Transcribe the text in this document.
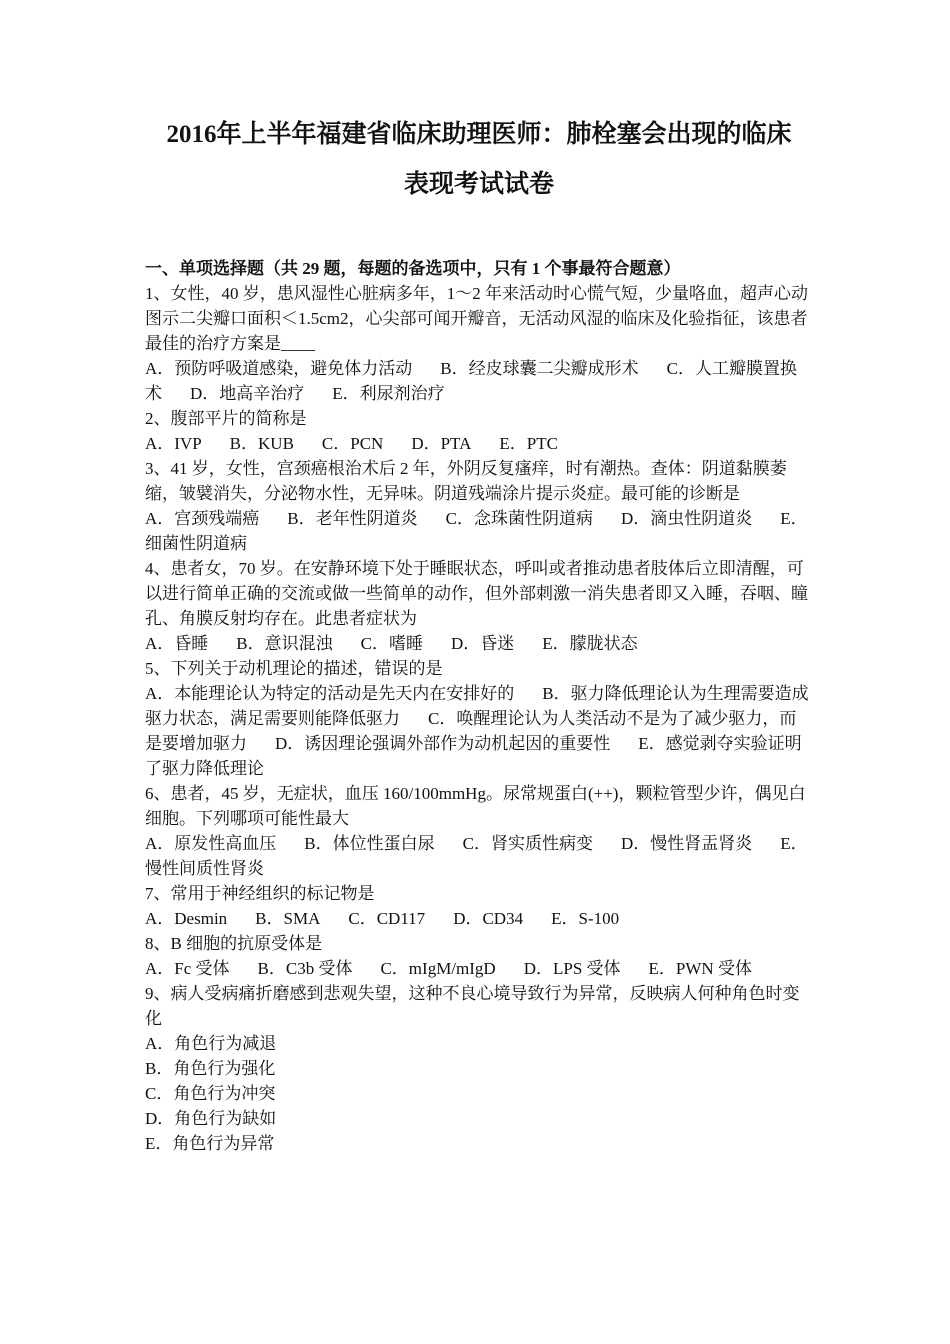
2016年上半年福建省临床助理医师：肺栓塞会出现的临床
表现考试试卷
一、单项选择题（共 29 题，每题的备选项中，只有 1 个事最符合题意）

1、女性，40 岁，患风湿性心脏病多年，1～2 年来活动时心慌气短，少量咯血，超声心动图示二尖瓣口面积＜1.5cm2，心尖部可闻开瓣音，无活动风湿的临床及化验指征，该患者最佳的治疗方案是____

A．预防呼吸道感染，避免体力活动 B．经皮球囊二尖瓣成形术 C．人工瓣膜置换术 D．地高辛治疗 E．利尿剂治疗

2、腹部平片的简称是

A．IVP B．KUB C．PCN D．PTA E．PTC

3、41 岁，女性，宫颈癌根治术后 2 年，外阴反复瘙痒，时有潮热。查体：阴道黏膜萎缩，皱襞消失，分泌物水性，无异味。阴道残端涂片提示炎症。最可能的诊断是

A．宫颈残端癌 B．老年性阴道炎 C．念珠菌性阴道病 D．滴虫性阴道炎 E．细菌性阴道病

4、患者女，70 岁。在安静环境下处于睡眠状态，呼叫或者推动患者肢体后立即清醒，可以进行简单正确的交流或做一些简单的动作，但外部刺激一消失患者即又入睡，吞咽、瞳孔、角膜反射均存在。此患者症状为

A．昏睡 B．意识混浊 C．嗜睡 D．昏迷 E．朦胧状态

5、下列关于动机理论的描述，错误的是

A．本能理论认为特定的活动是先天内在安排好的 B．驱力降低理论认为生理需要造成驱力状态，满足需要则能降低驱力 C．唤醒理论认为人类活动不是为了减少驱力，而是要增加驱力 D．诱因理论强调外部作为动机起因的重要性 E．感觉剥夺实验证明了驱力降低理论

6、患者，45 岁，无症状，血压 160/100mmHg。尿常规蛋白(++)，颗粒管型少许，偶见白细胞。下列哪项可能性最大

A．原发性高血压 B．体位性蛋白尿 C．肾实质性病变 D．慢性肾盂肾炎 E．慢性间质性肾炎

7、常用于神经组织的标记物是

A．Desmin B．SMA C．CD117 D．CD34 E．S-100

8、B 细胞的抗原受体是

A．Fc 受体 B．C3b 受体 C．mIgM/mIgD D．LPS 受体 E．PWN 受体

9、病人受病痛折磨感到悲观失望，这种不良心境导致行为异常，反映病人何种角色时变化

A．角色行为减退
B．角色行为强化
C．角色行为冲突
D．角色行为缺如
E．角色行为异常
